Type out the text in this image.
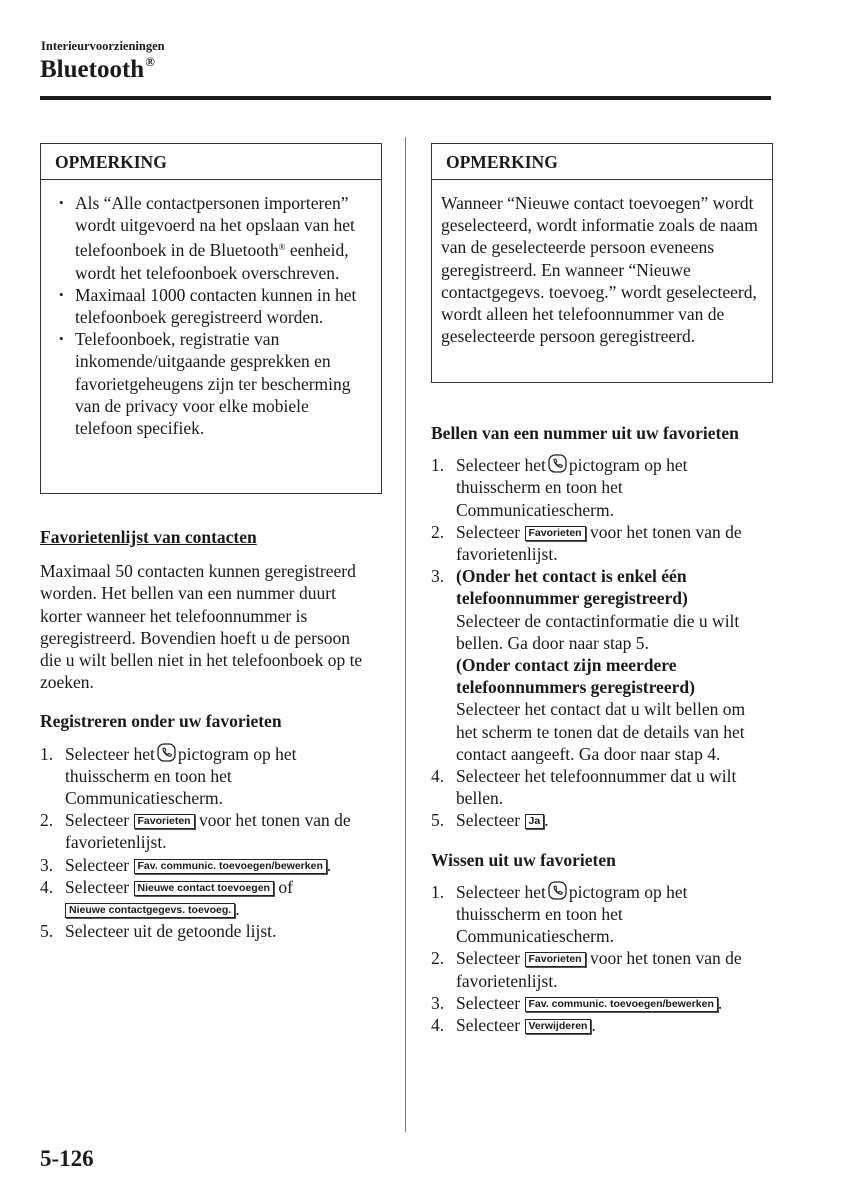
Interieurvoorzieningen
Bluetooth®
OPMERKING
• Als “Alle contactpersonen importeren” wordt uitgevoerd na het opslaan van het telefoonboek in de Bluetooth® eenheid, wordt het telefoonboek overschreven.
• Maximaal 1000 contacten kunnen in het telefoonboek geregistreerd worden.
• Telefoonboek, registratie van inkomende/uitgaande gesprekken en favorietgeheugens zijn ter bescherming van de privacy voor elke mobiele telefoon specifiek.
Favorietenlijst van contacten

Maximaal 50 contacten kunnen geregistreerd worden. Het bellen van een nummer duurt korter wanneer het telefoonnummer is geregistreerd. Bovendien hoeft u de persoon die u wilt bellen niet in het telefoonboek op te zoeken.

Registreren onder uw favorieten
1. Selecteer het pictogram op het thuisscherm en toon het Communicatiescherm.
2. Selecteer Favorieten voor het tonen van de favorietenlijst.
3. Selecteer Fav. communic. toevoegen/bewerken .
4. Selecteer Nieuwe contact toevoegen of Nieuwe contactgegevs. toevoeg. .
5. Selecteer uit de getoonde lijst.
OPMERKING
Wanneer “Nieuwe contact toevoegen” wordt geselecteerd, wordt informatie zoals de naam van de geselecteerde persoon eveneens geregistreerd. En wanneer “Nieuwe contactgegevs. toevoeg.” wordt geselecteerd, wordt alleen het telefoonnummer van de geselecteerde persoon geregistreerd.
Bellen van een nummer uit uw favorieten
1. Selecteer het pictogram op het thuisscherm en toon het Communicatiescherm.
2. Selecteer Favorieten voor het tonen van de favorietenlijst.
3. (Onder het contact is enkel één telefoonnummer geregistreerd)
Selecteer de contactinformatie die u wilt bellen. Ga door naar stap 5.
(Onder contact zijn meerdere telefoonnummers geregistreerd)
Selecteer het contact dat u wilt bellen om het scherm te tonen dat de details van het contact aangeeft. Ga door naar stap 4.
4. Selecteer het telefoonnummer dat u wilt bellen.
5. Selecteer Ja .
Wissen uit uw favorieten
1. Selecteer het pictogram op het thuisscherm en toon het Communicatiescherm.
2. Selecteer Favorieten voor het tonen van de favorietenlijst.
3. Selecteer Fav. communic. toevoegen/bewerken .
4. Selecteer Verwijderen .
5-126
